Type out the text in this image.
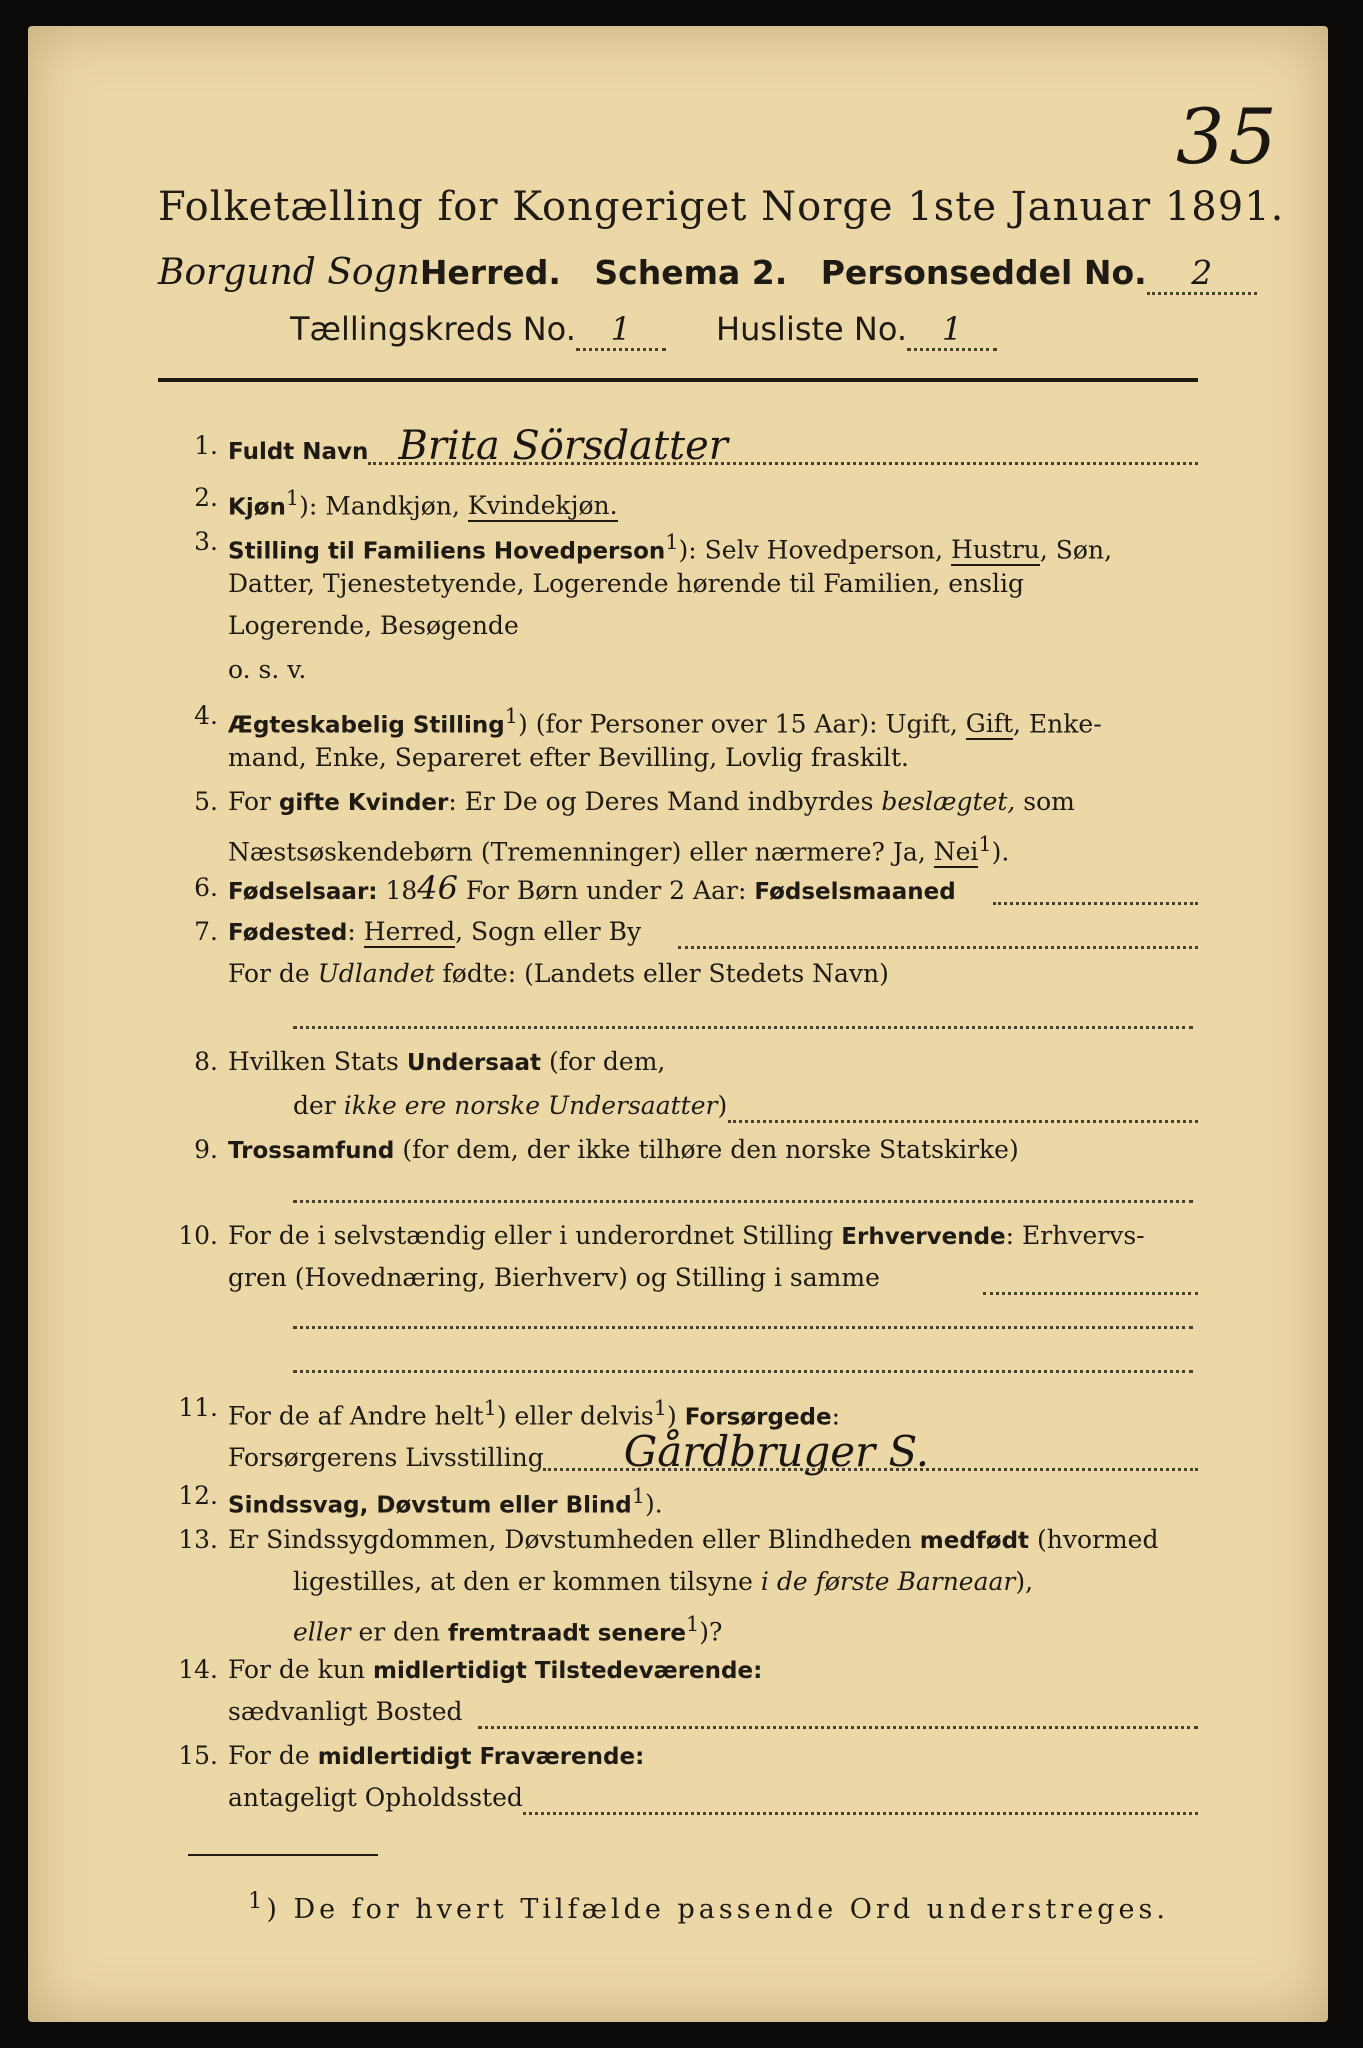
35
Folketælling for Kongeriget Norge 1ste Januar 1891.
Borgund SognHerred. Schema 2. Personseddel No. 2
Tællingskreds No. 1	Husliste No. 1
1. Fuldt Navn Brita Sörsdatter
2. Kjøn$^1$): Mandkjøn, Kvindekjøn.
3. Stilling til Familiens Hovedperson$^1$): Selv Hovedperson, Hustru, Søn,
Datter, Tjenestetyende, Logerende hørende til Familien, enslig
Logerende, Besøgende
o. s. v.
4. Ægteskabelig Stilling$^1$) (for Personer over 15 Aar): Ugift, Gift, Enke-
mand, Enke, Separeret efter Bevilling, Lovlig fraskilt.
5. For gifte Kvinder: Er De og Deres Mand indbyrdes beslægtet, som
Næstsøskendebørn (Tremenninger) eller nærmere? Ja, Nei$^1$).
6. Fødselsaar: 1846 For Børn under 2 Aar: Fødselsmaaned
7. Fødested: Herred, Sogn eller By
For de Udlandet fødte: (Landets eller Stedets Navn)
8. Hvilken Stats Undersaat (for dem,
der ikke ere norske Undersaatter)
9. Trossamfund (for dem, der ikke tilhøre den norske Statskirke)
10. For de i selvstændig eller i underordnet Stilling Erhvervende: Erhvervs-
gren (Hovednæring, Bierhverv) og Stilling i samme
11. For de af Andre helt$^1$) eller delvis$^1$) Forsørgede:
Forsørgerens Livsstilling Gårdbruger S.
12. Sindssvag, Døvstum eller Blind$^1$).
13. Er Sindssygdommen, Døvstumheden eller Blindheden medfødt (hvormed
ligestilles, at den er kommen tilsyne i de første Barneaar),
eller er den fremtraadt senere$^1$)?
14. For de kun midlertidigt Tilstedeværende:
sædvanligt Bosted
15. For de midlertidigt Fraværende:
antageligt Opholdssted
$^1$) De for hvert Tilfælde passende Ord understreges.
